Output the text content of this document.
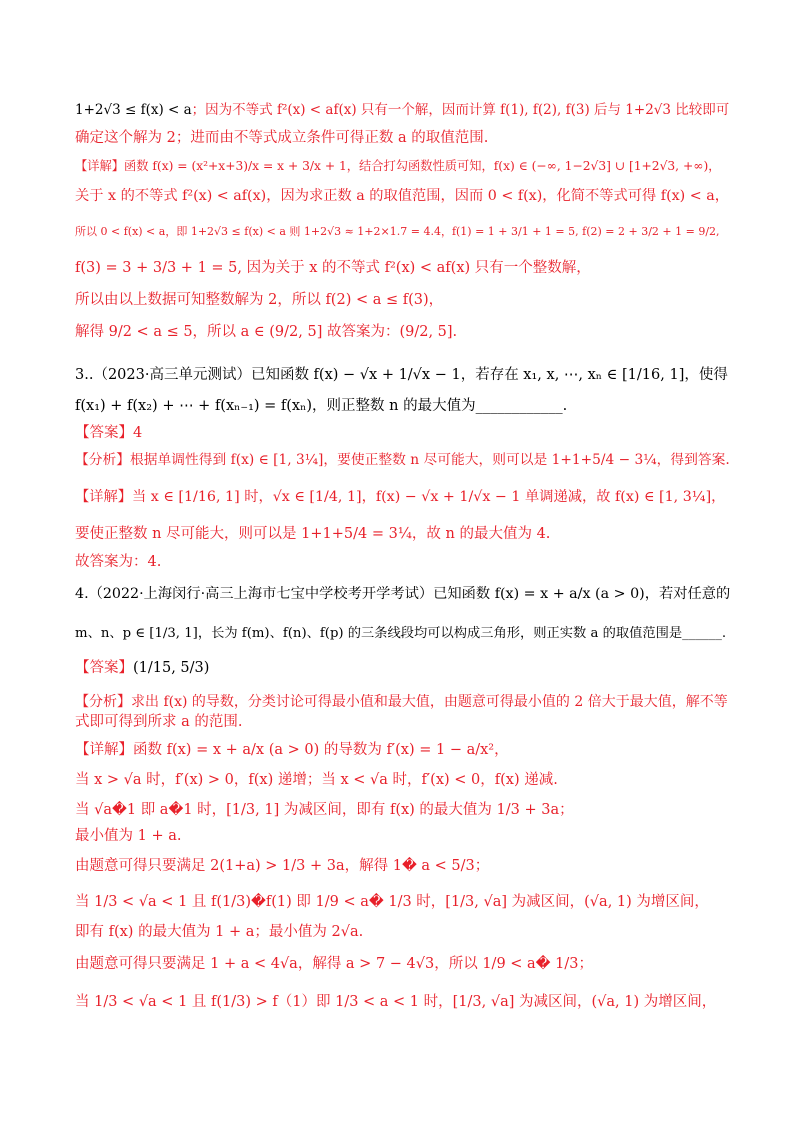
1+2√3 ≤ f(x) < a；因为不等式 f²(x) < af(x) 只有一个解，因而计算 f(1), f(2), f(3) 后与 1+2√3 比较即可
确定这个解为 2；进而由不等式成立条件可得正数 a 的取值范围.
【详解】函数 f(x) = (x²+x+3)/x = x + 3/x + 1，结合打勾函数性质可知，f(x) ∈ (−∞, 1−2√3] ∪ [1+2√3, +∞)，
关于 x 的不等式 f²(x) < af(x)，因为求正数 a 的取值范围，因而 0 < f(x)，化简不等式可得 f(x) < a，
所以 0 < f(x) < a，即 1+2√3 ≤ f(x) < a 则 1+2√3 ≈ 1+2×1.7 = 4.4，f(1) = 1 + 3/1 + 1 = 5, f(2) = 2 + 3/2 + 1 = 9/2,
f(3) = 3 + 3/3 + 1 = 5, 因为关于 x 的不等式 f²(x) < af(x) 只有一个整数解，
所以由以上数据可知整数解为 2，所以 f(2) < a ≤ f(3)，
解得 9/2 < a ≤ 5，所以 a ∈ (9/2, 5] 故答案为：(9/2, 5].
3..（2023·高三单元测试）已知函数 f(x) − √x + 1/√x − 1，若存在 x₁, x, ⋯, xₙ ∈ [1/16, 1]，使得
f(x₁) + f(x₂) + ⋯ + f(xₙ₋₁) = f(xₙ)，则正整数 n 的最大值为____________.
【答案】4
【分析】根据单调性得到 f(x) ∈ [1, 3¼]，要使正整数 n 尽可能大，则可以是 1+1+5/4 − 3¼，得到答案.
【详解】当 x ∈ [1/16, 1] 时，√x ∈ [1/4, 1]，f(x) − √x + 1/√x − 1 单调递减，故 f(x) ∈ [1, 3¼]，
要使正整数 n 尽可能大，则可以是 1+1+5/4 = 3¼，故 n 的最大值为 4.
故答案为：4.
4.（2022·上海闵行·高三上海市七宝中学校考开学考试）已知函数 f(x) = x + a/x (a > 0)，若对任意的
m、n、p ∈ [1/3, 1]，长为 f(m)、f(n)、f(p) 的三条线段均可以构成三角形，则正实数 a 的取值范围是______.
【答案】(1/15, 5/3)
【分析】求出 f(x) 的导数，分类讨论可得最小值和最大值，由题意可得最小值的 2 倍大于最大值，解不等
式即可得到所求 a 的范围.
【详解】函数 f(x) = x + a/x (a > 0) 的导数为 f′(x) = 1 − a/x²，
当 x > √a 时，f′(x) > 0，f(x) 递增；当 x < √a 时，f′(x) < 0，f(x) 递减.
当 √a�1 即 a�1 时，[1/3, 1] 为减区间，即有 f(x) 的最大值为 1/3 + 3a；
最小值为 1 + a.
由题意可得只要满足 2(1+a) > 1/3 + 3a，解得 1� a < 5/3；
当 1/3 < √a < 1 且 f(1/3)�f(1) 即 1/9 < a� 1/3 时，[1/3, √a] 为减区间，(√a, 1) 为增区间，
即有 f(x) 的最大值为 1 + a；最小值为 2√a.
由题意可得只要满足 1 + a < 4√a，解得 a > 7 − 4√3，所以 1/9 < a� 1/3；
当 1/3 < √a < 1 且 f(1/3) > f（1）即 1/3 < a < 1 时，[1/3, √a] 为减区间，(√a, 1) 为增区间，
